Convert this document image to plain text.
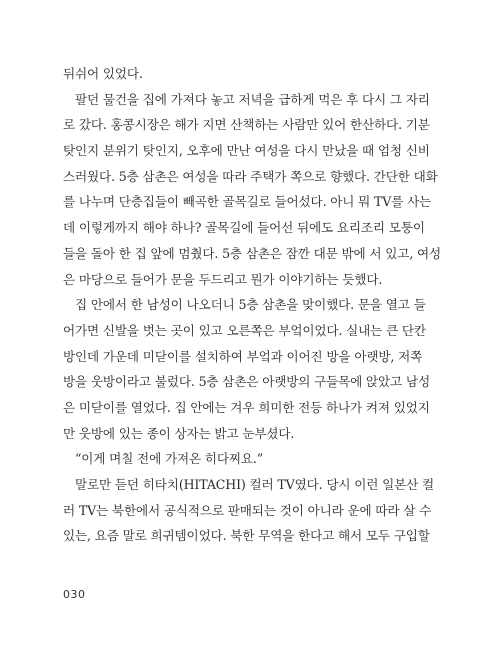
뒤쉬어 있었다.
팔던 물건을 집에 가져다 놓고 저녁을 급하게 먹은 후 다시 그 자리
로 갔다. 홍콩시장은 해가 지면 산책하는 사람만 있어 한산하다. 기분
탓인지 분위기 탓인지, 오후에 만난 여성을 다시 만났을 때 엄청 신비
스러웠다. 5층 삼촌은 여성을 따라 주택가 쪽으로 향했다. 간단한 대화
를 나누며 단층집들이 빼곡한 골목길로 들어섰다. 아니 뭐 TV를 사는
데 이렇게까지 해야 하나? 골목길에 들어선 뒤에도 요리조리 모퉁이
들을 돌아 한 집 앞에 멈췄다. 5층 삼촌은 잠깐 대문 밖에 서 있고, 여성
은 마당으로 들어가 문을 두드리고 뭔가 이야기하는 듯했다.
집 안에서 한 남성이 나오더니 5층 삼촌을 맞이했다. 문을 열고 들
어가면 신발을 벗는 곳이 있고 오른쪽은 부엌이었다. 실내는 큰 단칸
방인데 가운데 미닫이를 설치하여 부엌과 이어진 방을 아랫방, 저쪽
방을 웃방이라고 불렀다. 5층 삼촌은 아랫방의 구들목에 앉았고 남성
은 미닫이를 열었다. 집 안에는 겨우 희미한 전등 하나가 켜져 있었지
만 웃방에 있는 종이 상자는 밝고 눈부셨다.
“이게 며칠 전에 가져온 히다찌요.”
말로만 듣던 히타치(HITACHI) 컬러 TV였다. 당시 이런 일본산 컬
러 TV는 북한에서 공식적으로 판매되는 것이 아니라 운에 따라 살 수
있는, 요즘 말로 희귀템이었다. 북한 무역을 한다고 해서 모두 구입할
030
